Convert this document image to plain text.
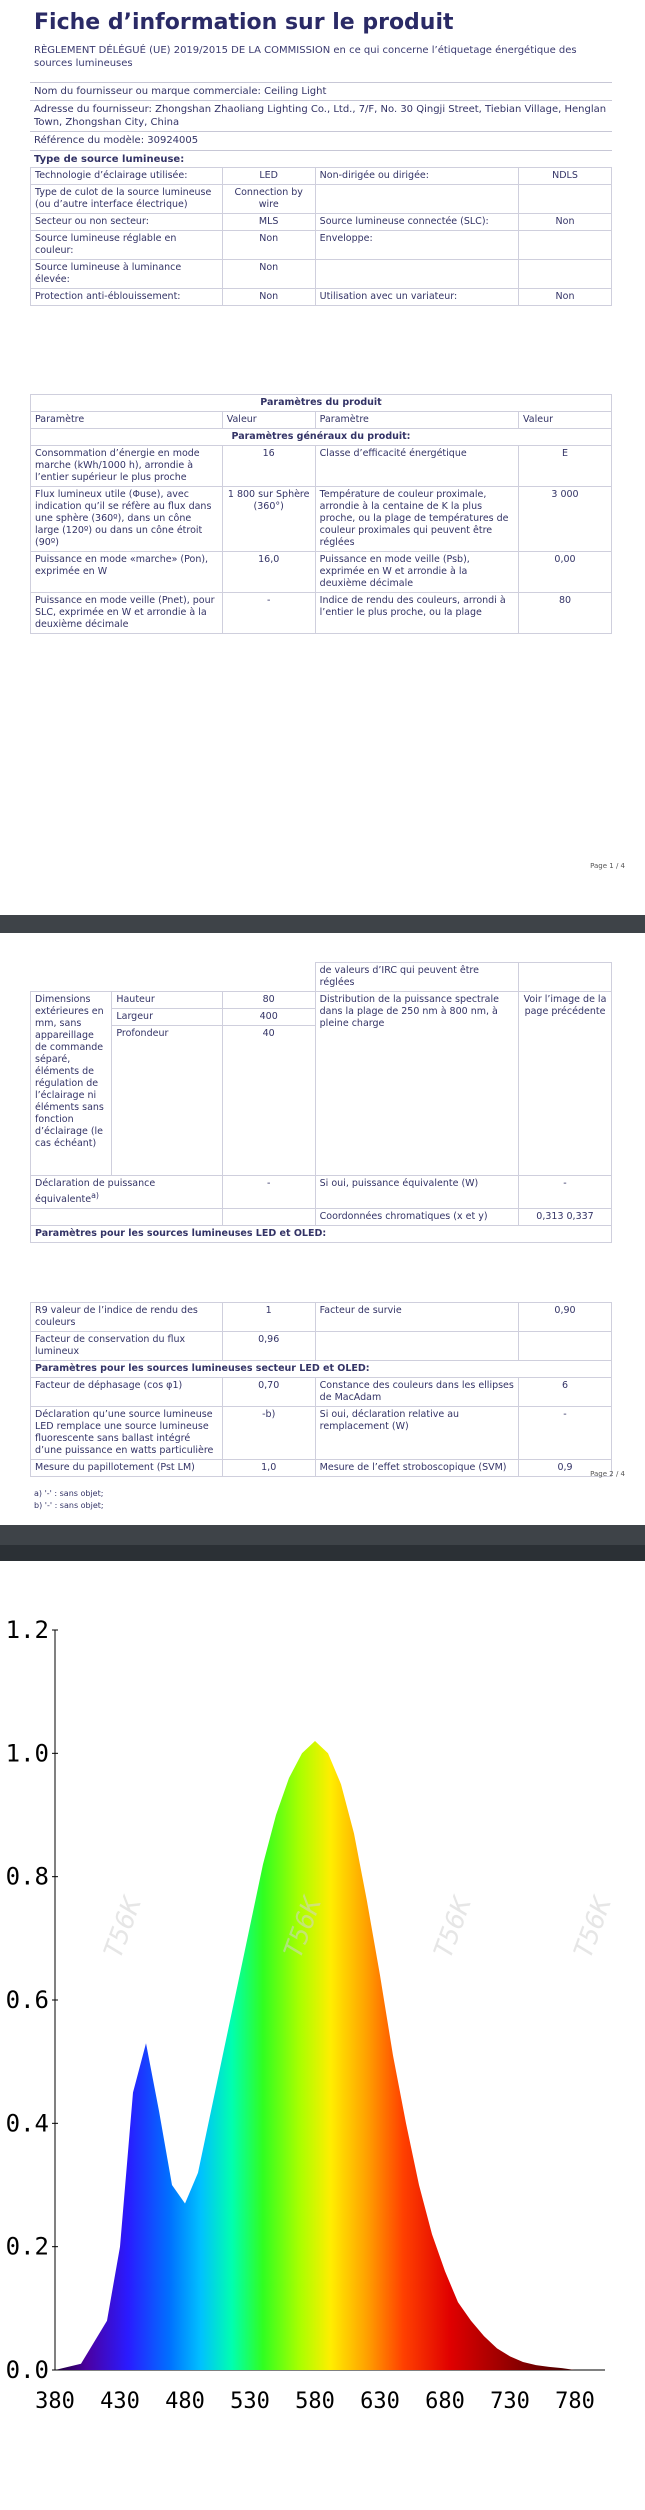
Fiche d’information sur le produit
RÈGLEMENT DÉLÉGUÉ (UE) 2019/2015 DE LA COMMISSION en ce qui concerne l’étiquetage énergétique des sources lumineuses
Nom du fournisseur ou marque commerciale: Ceiling Light
Adresse du fournisseur: Zhongshan Zhaoliang Lighting Co., Ltd., 7/F, No. 30 Qingji Street, Tiebian Village, Henglan Town, Zhongshan City, China
Référence du modèle: 30924005
Type de source lumineuse:
Technologie d’éclairage utilisée:	LED	Non-dirigée ou dirigée:	NDLS
Type de culot de la source lumineuse (ou d’autre interface électrique)	Connection by wire		
Secteur ou non secteur:	MLS	Source lumineuse connectée (SLC):	Non
Source lumineuse réglable en couleur:	Non	Enveloppe:	
Source lumineuse à luminance élevée:	Non		
Protection anti-éblouissement:	Non	Utilisation avec un variateur:	Non
Paramètres du produit			
Paramètre	Valeur	Paramètre	Valeur
Paramètres généraux du produit:			
Consommation d’énergie en mode marche (kWh/1000 h), arrondie à l’entier supérieur le plus proche	16	Classe d’efficacité énergétique	E
Flux lumineux utile (Φuse), avec indication qu’il se réfère au flux dans une sphère (360º), dans un cône large (120º) ou dans un cône étroit (90º)	1 800 sur Sphère (360°)	Température de couleur proximale, arrondie à la centaine de K la plus proche, ou la plage de températures de couleur proximales qui peuvent être réglées	3 000
Puissance en mode «marche» (Pon), exprimée en W	16,0	Puissance en mode veille (Psb), exprimée en W et arrondie à la deuxième décimale	0,00
Puissance en mode veille (Pnet), pour SLC, exprimée en W et arrondie à la deuxième décimale	-	Indice de rendu des couleurs, arrondi à l’entier le plus proche, ou la plage	80
Page 1 / 4
			de valeurs d’IRC qui peuvent être réglées	
Dimensions extérieures en mm, sans appareillage de commande séparé, éléments de régulation de l’éclairage ni éléments sans fonction d’éclairage (le cas échéant)	Hauteur	80	Distribution de la puissance spectrale dans la plage de 250 nm à 800 nm, à pleine charge	Voir l’image de la page précédente
	Largeur	400		
	Profondeur	40		
Déclaration de puissance équivalente$^{a)}$		-	Si oui, puissance équivalente (W)	-
			Coordonnées chromatiques (x et y)	0,313 0,337
Paramètres pour les sources lumineuses LED et OLED:				
R9 valeur de l’indice de rendu des couleurs	1	Facteur de survie	0,90
Facteur de conservation du flux lumineux	0,96		
Paramètres pour les sources lumineuses secteur LED et OLED:			
Facteur de déphasage (cos φ1)	0,70	Constance des couleurs dans les ellipses de MacAdam	6
Déclaration qu’une source lumineuse LED remplace une source lumineuse fluorescente sans ballast intégré d’une puissance en watts particulière	-b)	Si oui, déclaration relative au remplacement (W)	-
Mesure du papillotement (Pst LM)	1,0	Mesure de l’effet stroboscopique (SVM)	0,9
a) '-' : sans objet;
b) '-' : sans objet;
Page 2 / 4
T56K	T56K	T56K	T56K
380 430 480 530 580 630 680 730 780
0.0
0.2
0.4
0.6
0.8
1.0
1.2
